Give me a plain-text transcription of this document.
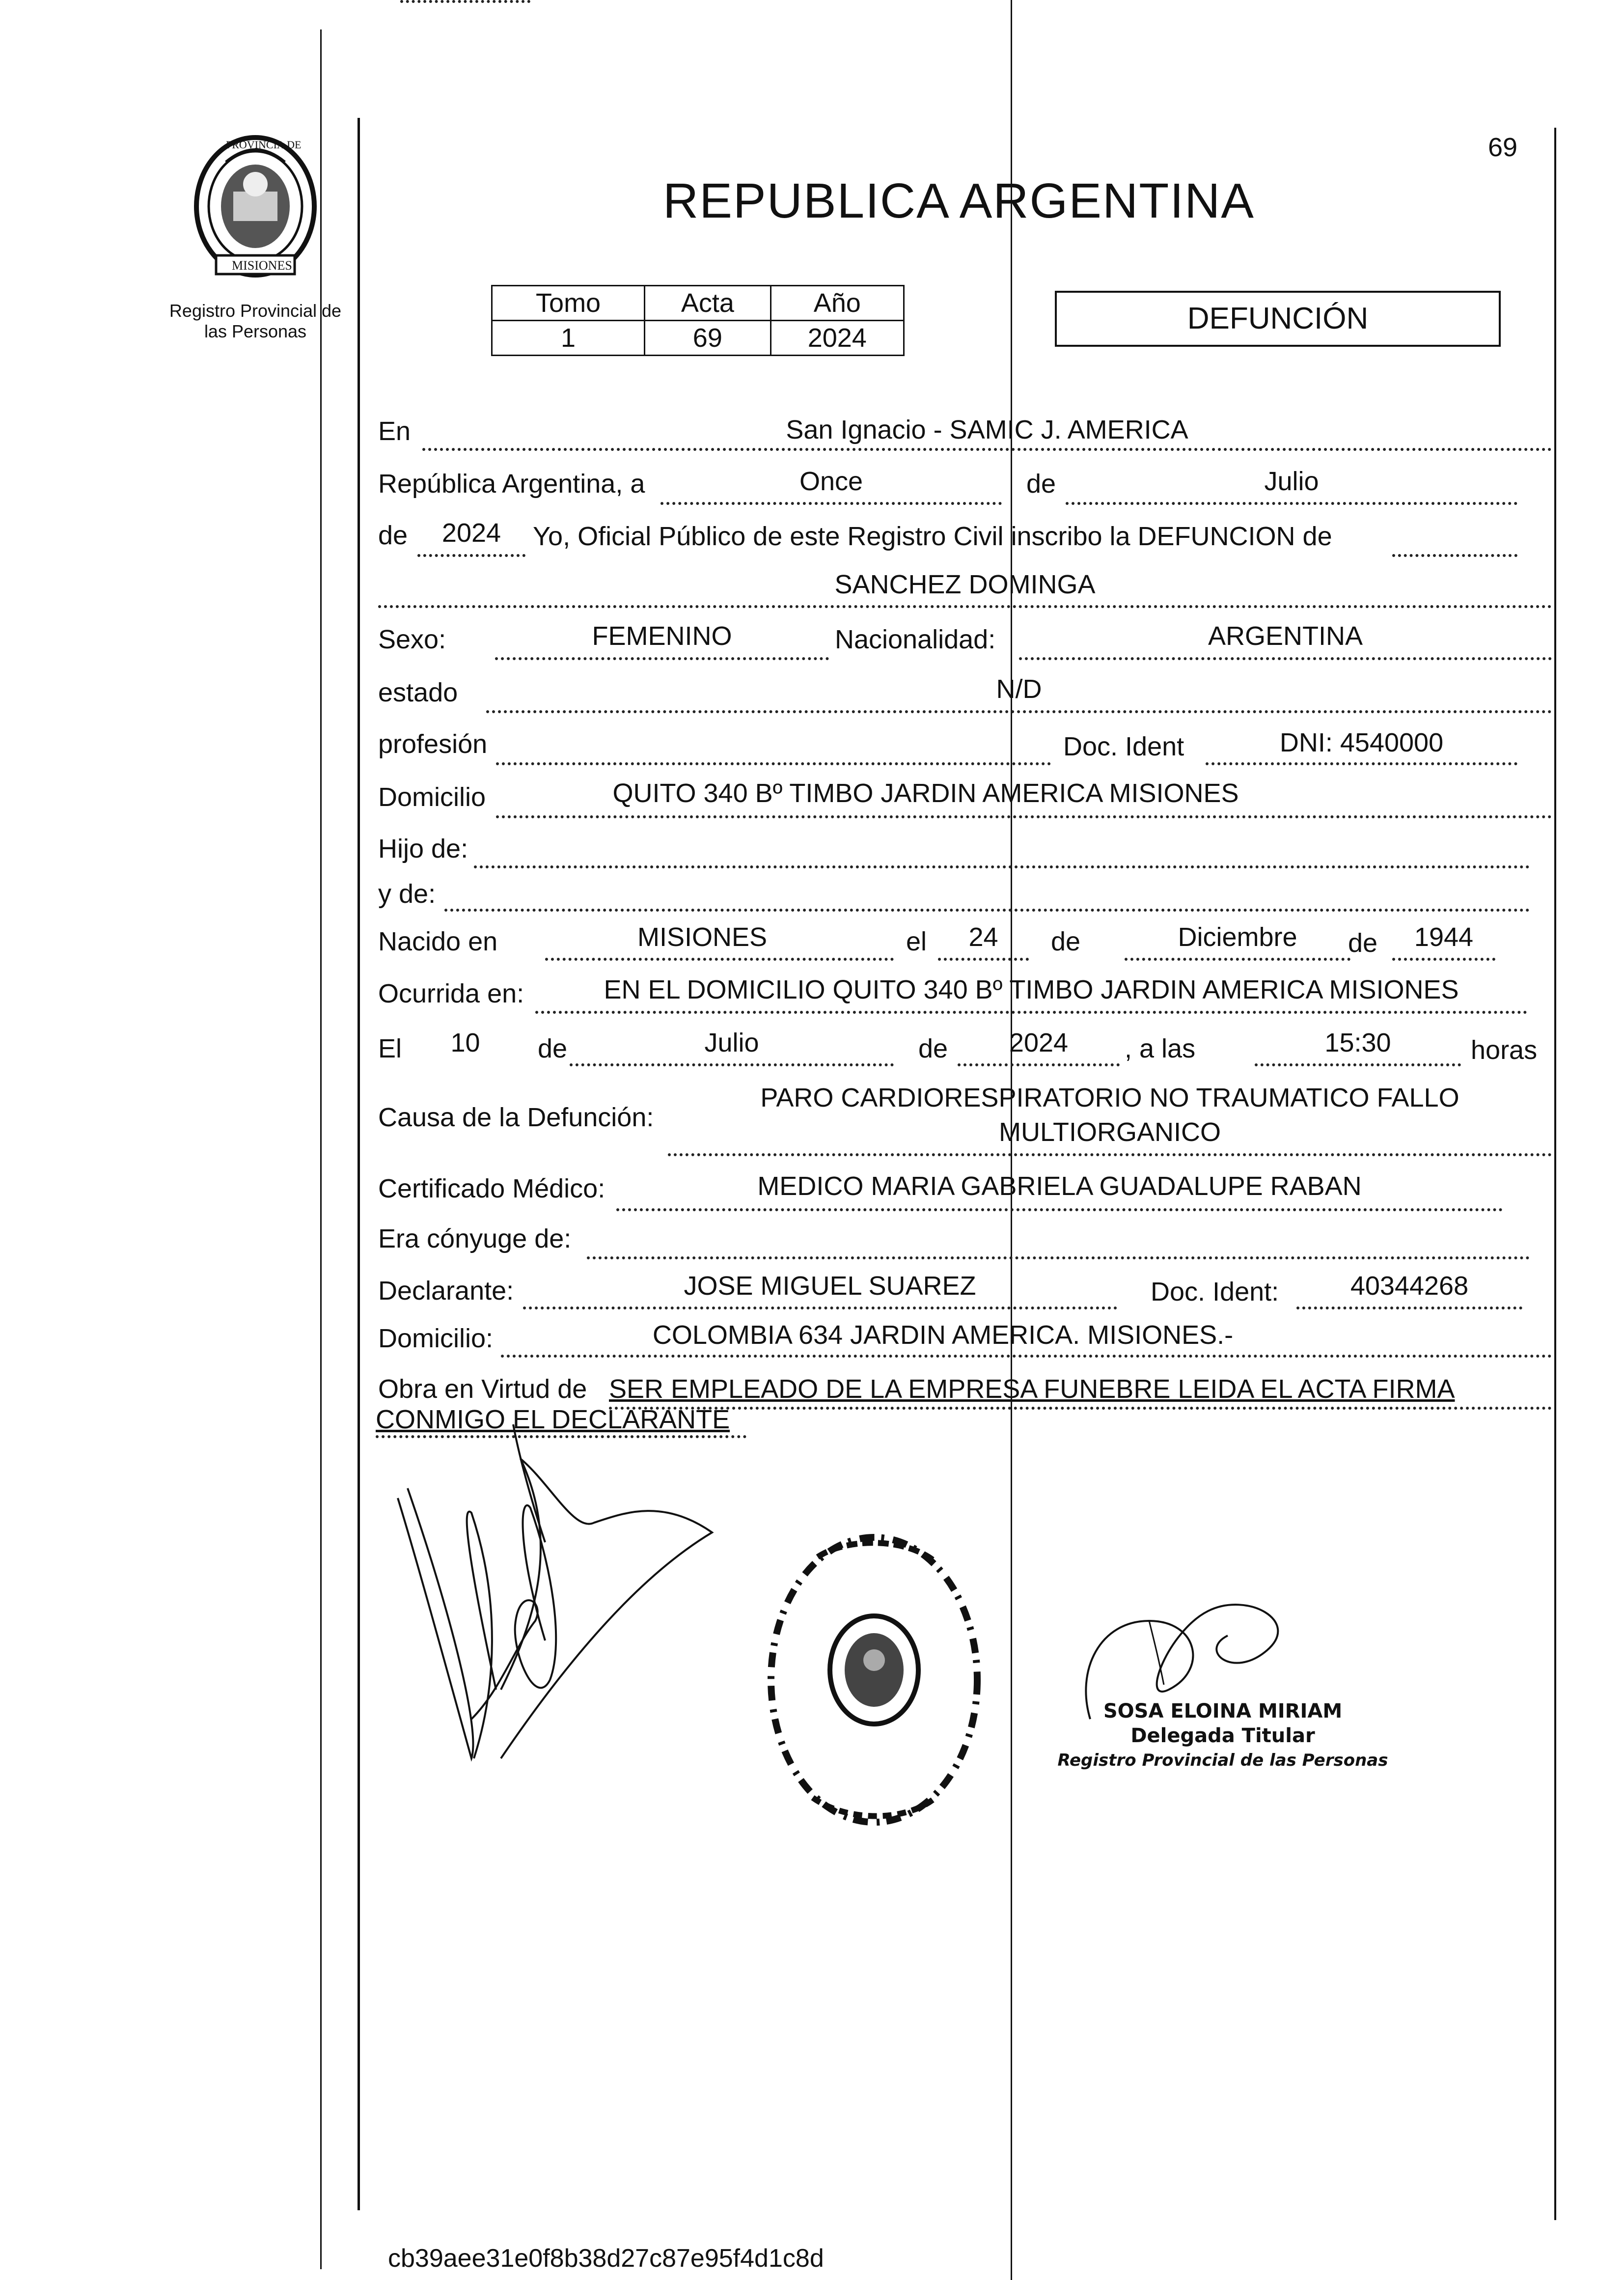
PROVINCIA DE
MISIONES
Registro Provincial de las Personas
69
REPUBLICA ARGENTINA
Tomo	Acta	Año
1	69	2024
DEFUNCIÓN
En	San Ignacio - SAMIC J. AMERICA
República Argentina, a	Once	de	Julio
de	2024	Yo, Oficial Público de este Registro Civil inscribo la DEFUNCION de
SANCHEZ DOMINGA
Sexo:	FEMENINO	Nacionalidad:	ARGENTINA
estado	N/D
profesión	Doc. Ident	DNI: 4540000
Domicilio	QUITO 340 Bº TIMBO JARDIN AMERICA MISIONES
Hijo de:
y de:
Nacido en	MISIONES	el	24	de	Diciembre	de	1944
Ocurrida en:	EN EL DOMICILIO QUITO 340 Bº TIMBO JARDIN AMERICA MISIONES
El	10	de	Julio	de	2024	, a las	15:30	horas
Causa de la Defunción:
PARO CARDIORESPIRATORIO NO TRAUMATICO FALLO
MULTIORGANICO
Certificado Médico:	MEDICO MARIA GABRIELA GUADALUPE RABAN
Era cónyuge de:
Declarante:	JOSE MIGUEL SUAREZ	Doc. Ident:	40344268
Domicilio:	COLOMBIA 634 JARDIN AMERICA. MISIONES.-
Obra en Virtud de SER EMPLEADO DE LA EMPRESA FUNEBRE LEIDA EL ACTA FIRMA
CONMIGO EL DECLARANTE
SOSA ELOINA MIRIAM
Delegada Titular
Registro Provincial de las Personas
cb39aee31e0f8b38d27c87e95f4d1c8d
